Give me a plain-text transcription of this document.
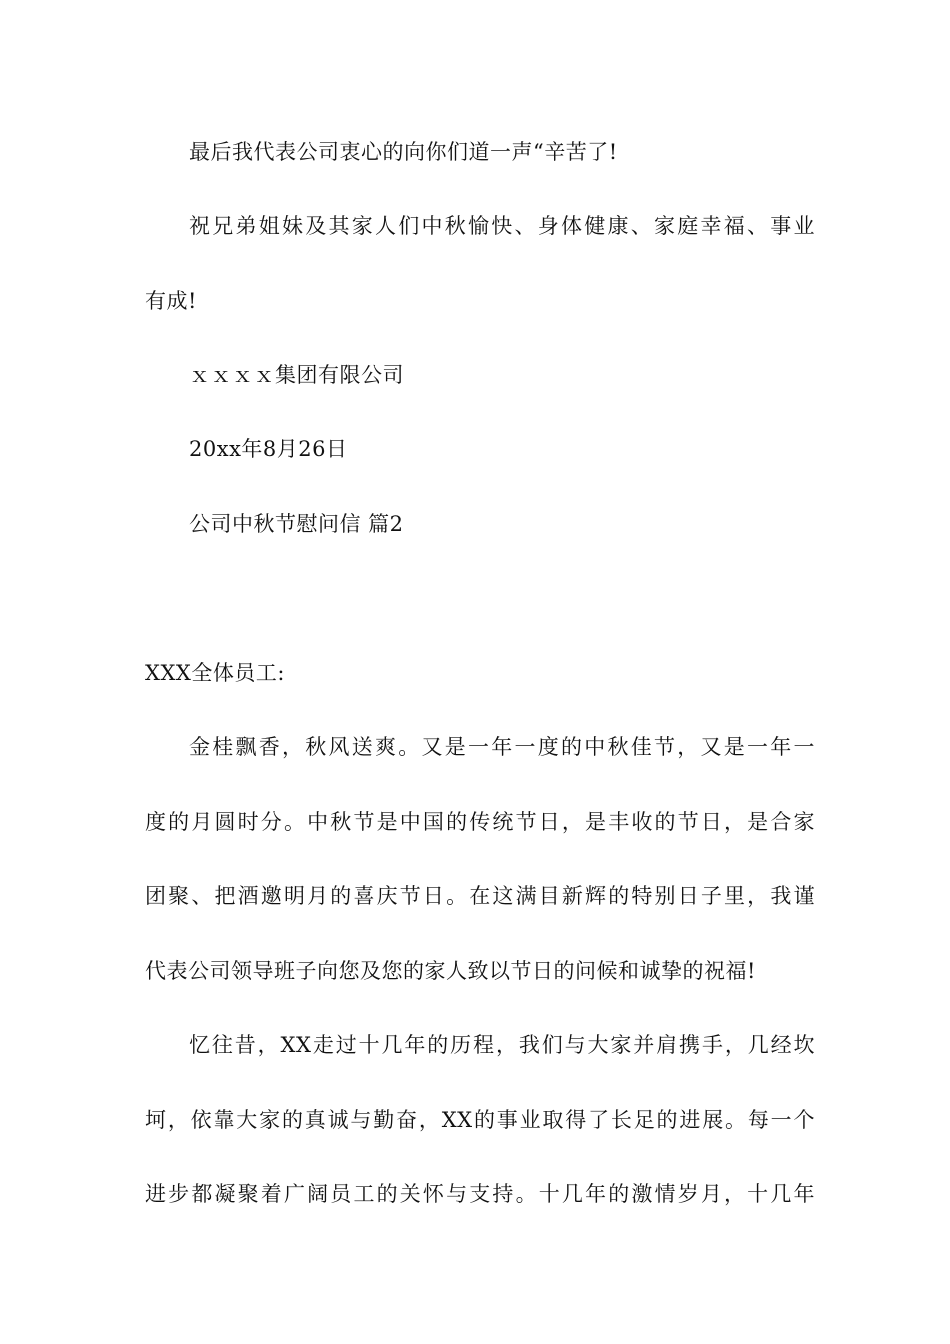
最后我代表公司衷心的向你们道一声“辛苦了!
祝兄弟姐妹及其家人们中秋愉快、身体健康、家庭幸福、事业
有成!
ｘｘｘｘ集团有限公司
20xx年8月26日
公司中秋节慰问信 篇2
XXX全体员工:
金桂飘香，秋风送爽。又是一年一度的中秋佳节，又是一年一
度的月圆时分。中秋节是中国的传统节日，是丰收的节日，是合家
团聚、把酒邀明月的喜庆节日。在这满目新辉的特别日子里，我谨
代表公司领导班子向您及您的家人致以节日的问候和诚挚的祝福!
忆往昔，XX走过十几年的历程，我们与大家并肩携手，几经坎
坷，依靠大家的真诚与勤奋，XX的事业取得了长足的进展。每一个
进步都凝聚着广阔员工的关怀与支持。十几年的激情岁月，十几年
